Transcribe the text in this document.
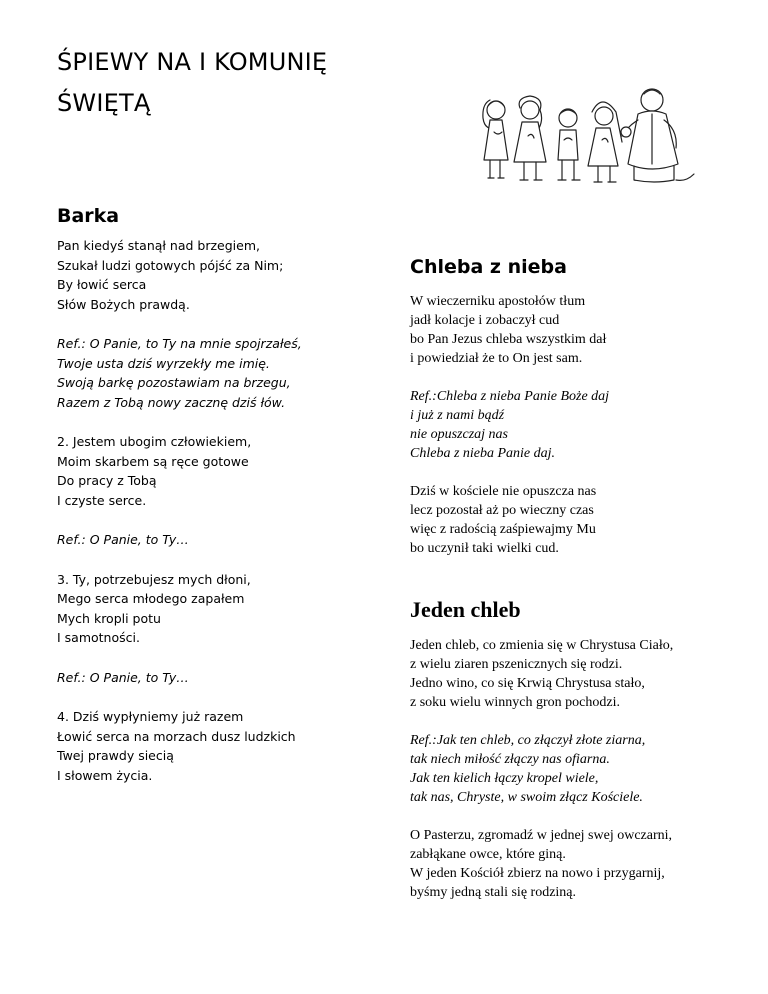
ŚPIEWY NA I KOMUNIĘ
ŚWIĘTĄ
Barka

Pan kiedyś stanął nad brzegiem,
Szukał ludzi gotowych pójść za Nim;
By łowić serca
Słów Bożych prawdą.

Ref.: O Panie, to Ty na mnie spojrzałeś,
Twoje usta dziś wyrzekły me imię.
Swoją barkę pozostawiam na brzegu,
Razem z Tobą nowy zacznę dziś łów.

2. Jestem ubogim człowiekiem,
Moim skarbem są ręce gotowe
Do pracy z Tobą
I czyste serce.

Ref.: O Panie, to Ty…

3. Ty, potrzebujesz mych dłoni,
Mego serca młodego zapałem
Mych kropli potu
I samotności.

Ref.: O Panie, to Ty…

4. Dziś wypłyniemy już razem
Łowić serca na morzach dusz ludzkich
Twej prawdy siecią
I słowem życia.

Chleba z nieba

W wieczerniku apostołów tłum
jadł kolacje i zobaczył cud
bo Pan Jezus chleba wszystkim dał
i powiedział że to On jest sam.

Ref.:Chleba z nieba Panie Boże daj
i już z nami bądź
nie opuszczaj nas
Chleba z nieba Panie daj.

Dziś w kościele nie opuszcza nas
lecz pozostał aż po wieczny czas
więc z radością zaśpiewajmy Mu
bo uczynił taki wielki cud.

Jeden chleb

Jeden chleb, co zmienia się w Chrystusa Ciało,
z wielu ziaren pszenicznych się rodzi.
Jedno wino, co się Krwią Chrystusa stało,
z soku wielu winnych gron pochodzi.

Ref.:Jak ten chleb, co złączył złote ziarna,
tak niech miłość złączy nas ofiarna.
Jak ten kielich łączy kropel wiele,
tak nas, Chryste, w swoim złącz Kościele.

O Pasterzu, zgromadź w jednej swej owczarni,
zabłąkane owce, które giną.
W jeden Kościół zbierz na nowo i przygarnij,
byśmy jedną stali się rodziną.
